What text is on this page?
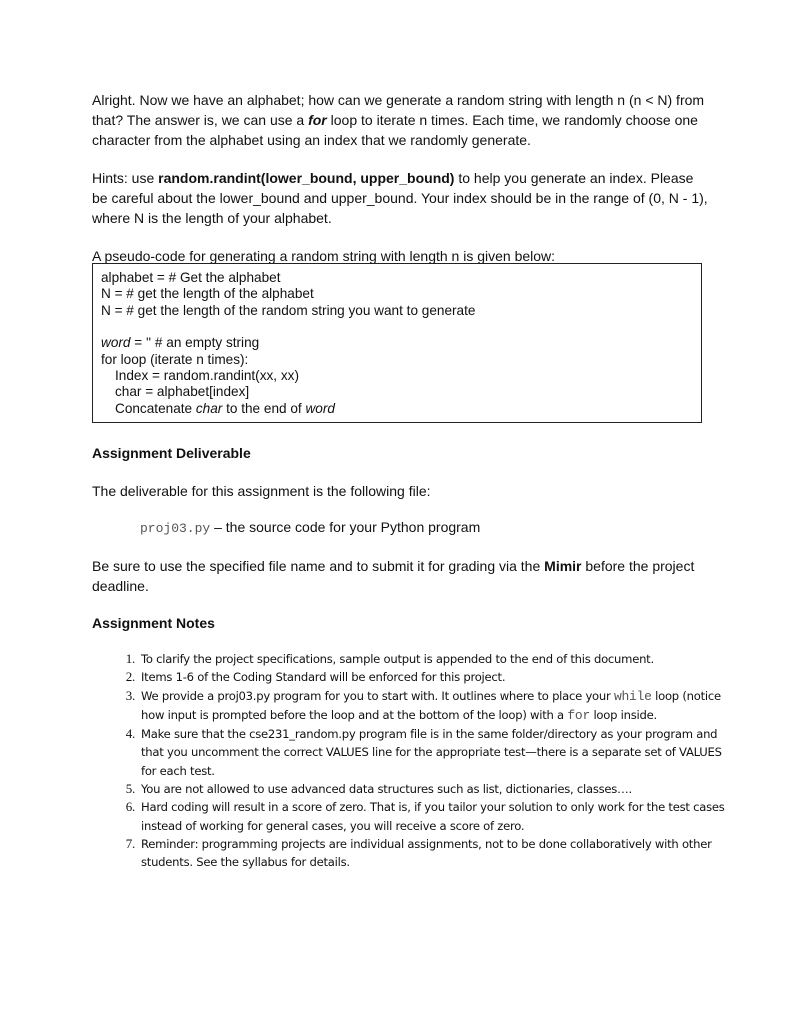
Alright. Now we have an alphabet; how can we generate a random string with length n (n < N) from that? The answer is, we can use a for loop to iterate n times. Each time, we randomly choose one character from the alphabet using an index that we randomly generate.
Hints: use random.randint(lower_bound, upper_bound) to help you generate an index. Please be careful about the lower_bound and upper_bound. Your index should be in the range of (0, N - 1), where N is the length of your alphabet.
A pseudo-code for generating a random string with length n is given below:
alphabet = # Get the alphabet
N = # get the length of the alphabet
N = # get the length of the random string you want to generate
word = '' # an empty string
for loop (iterate n times):
Index = random.randint(xx, xx)
char = alphabet[index]
Concatenate char to the end of word
Assignment Deliverable
The deliverable for this assignment is the following file:
proj03.py – the source code for your Python program
Be sure to use the specified file name and to submit it for grading via the Mimir before the project deadline.
Assignment Notes
1. To clarify the project specifications, sample output is appended to the end of this document.
2. Items 1-6 of the Coding Standard will be enforced for this project.
3. We provide a proj03.py program for you to start with. It outlines where to place your while loop (notice how input is prompted before the loop and at the bottom of the loop) with a for loop inside.
4. Make sure that the cse231_random.py program file is in the same folder/directory as your program and that you uncomment the correct VALUES line for the appropriate test—there is a separate set of VALUES for each test.
5. You are not allowed to use advanced data structures such as list, dictionaries, classes….
6. Hard coding will result in a score of zero. That is, if you tailor your solution to only work for the test cases instead of working for general cases, you will receive a score of zero.
7. Reminder: programming projects are individual assignments, not to be done collaboratively with other students. See the syllabus for details.
